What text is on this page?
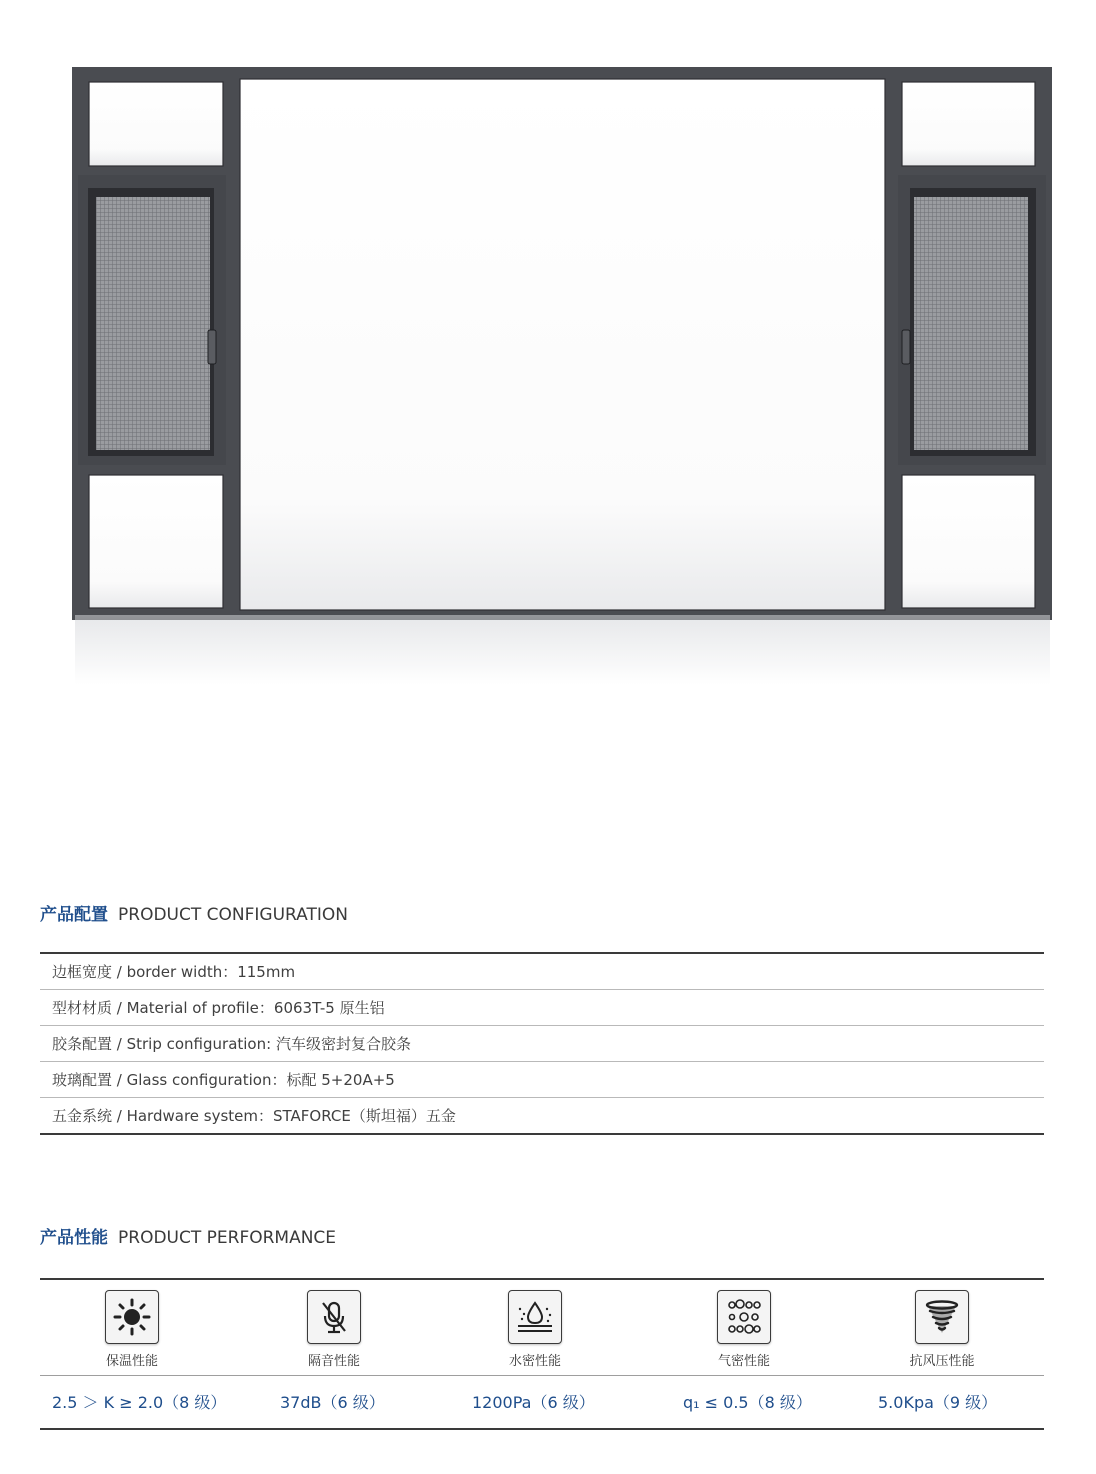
产品配置 PRODUCT CONFIGURATION
边框宽度 / border width：115mm
型材材质 / Material of profile：6063T-5 原生铝
胶条配置 / Strip configuration: 汽车级密封复合胶条
玻璃配置 / Glass configuration：标配 5+20A+5
五金系统 / Hardware system：STAFORCE（斯坦福）五金
产品性能 PRODUCT PERFORMANCE
保温性能	隔音性能	水密性能	气密性能	抗风压性能
2.5 ＞ K ≥ 2.0（8 级）	37dB（6 级）	1200Pa（6 级）	q₁ ≤ 0.5（8 级）	5.0Kpa（9 级）
